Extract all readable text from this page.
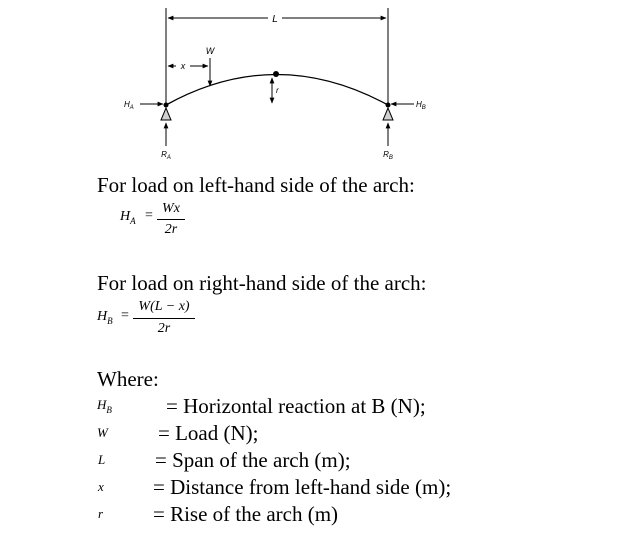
L
x
W
r
$H_A$	$H_B$
$R_A$	$R_B$
For load on left-hand side of the arch:
$H_A = Wx$
2r
For load on right-hand side of the arch:
$H_B$ =
W(L − x)
2r
Where:
$H_B$	= Horizontal reaction at B (N);
W = Load (N);
L = Span of the arch (m);
x = Distance from left-hand side (m);
r = Rise of the arch (m)
